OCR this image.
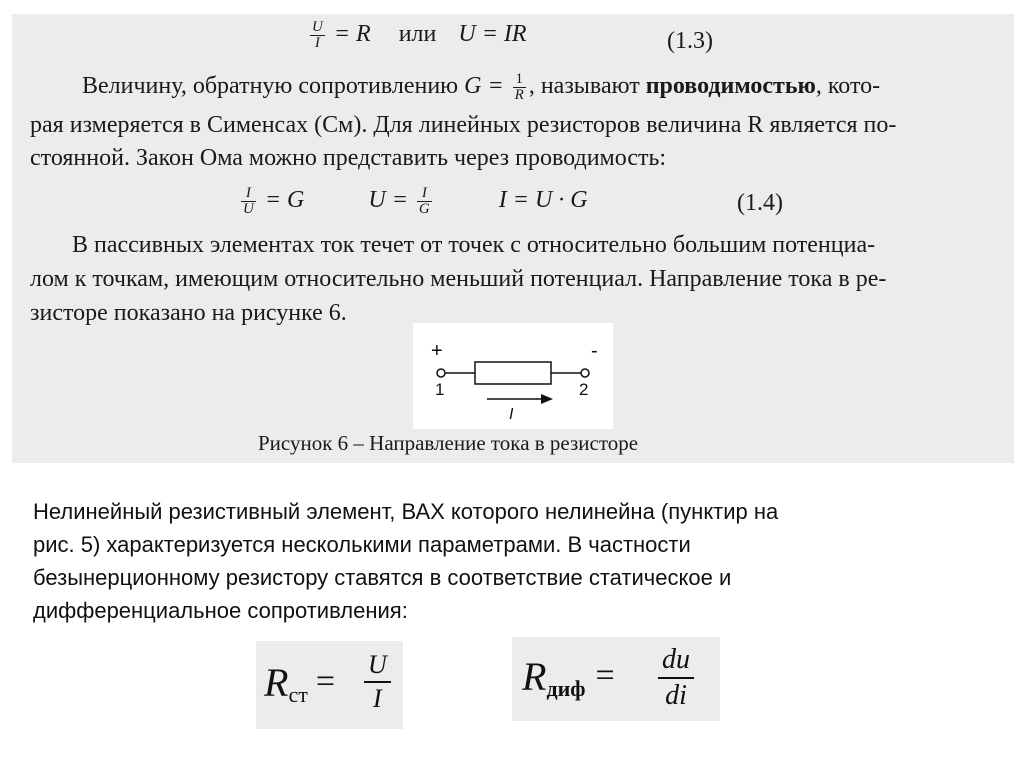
$\frac{U}{I} = R$ или U = IR	(1.3)
Величину, обратную сопротивлению $G = \frac{1}{R}$ , называют проводимостью, кото-
рая измеряется в Сименсах (См). Для линейных резисторов величина R является по-
стоянной. Закон Ома можно представить через проводимость:
$\frac{I}{U} = G$	$U = \frac{I}{G}$	I = U · G	(1.4)
В пассивных элементах ток течет от точек с относительно большим потенциа-
лом к точкам, имеющим относительно меньший потенциал. Направление тока в ре-
зисторе показано на рисунке 6.
+	-
1	2
I
Рисунок 6 – Направление тока в резисторе
Нелинейный резистивный элемент, ВАХ которого нелинейна (пунктир на
рис. 5) характеризуется несколькими параметрами. В частности
безынерционному резистору ставятся в соответствие статическое и
дифференциальное сопротивления:
Rст = $\frac{U}{I}$	Rдиф = $\frac{du}{di}$
